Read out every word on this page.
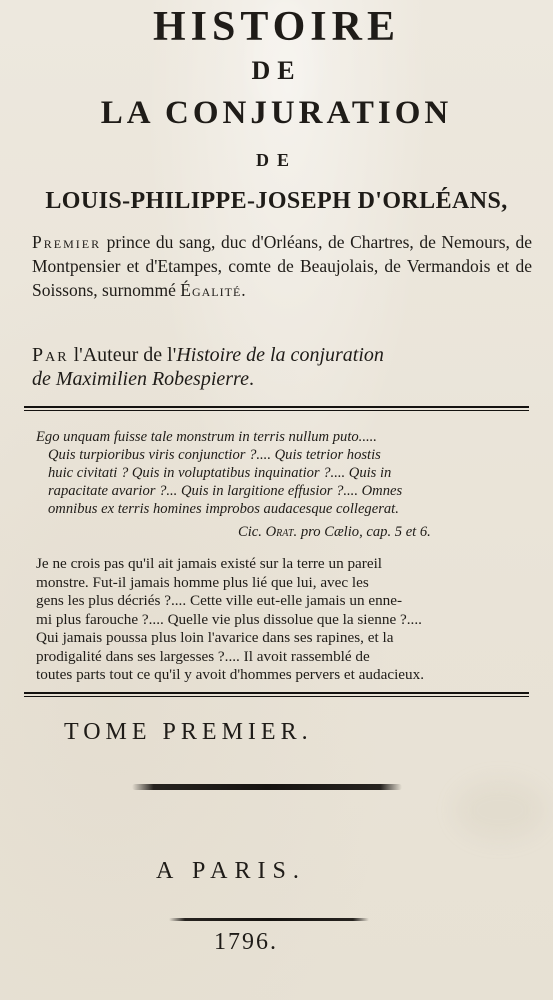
HISTOIRE
DE
LA CONJURATION
DE
LOUIS-PHILIPPE-JOSEPH D'ORLÉANS,
Premier prince du sang, duc d'Orléans, de Chartres, de Nemours, de Montpensier et d'Etampes, comte de Beaujolais, de Vermandois et de Soissons, surnommé Égalité.
Par l'Auteur de l'Histoire de la conjuration
de Maximilien Robespierre.
Ego unquam fuisse tale monstrum in terris nullum puto.....
Quis turpioribus viris conjunctior ?.... Quis tetrior hostis
huic civitati ? Quis in voluptatibus inquinatior ?.... Quis in
rapacitate avarior ?... Quis in largitione effusior ?.... Omnes
omnibus ex terris homines improbos audacesque collegerat.
Cic. Orat. pro Cælio, cap. 5 et 6.
Je ne crois pas qu'il ait jamais existé sur la terre un pareil
monstre. Fut-il jamais homme plus lié que lui, avec les
gens les plus décriés ?.... Cette ville eut-elle jamais un enne-
mi plus farouche ?.... Quelle vie plus dissolue que la sienne ?....
Qui jamais poussa plus loin l'avarice dans ses rapines, et la
prodigalité dans ses largesses ?.... Il avoit rassemblé de
toutes parts tout ce qu'il y avoit d'hommes pervers et audacieux.
TOME PREMIER.
A PARIS.
1796.
